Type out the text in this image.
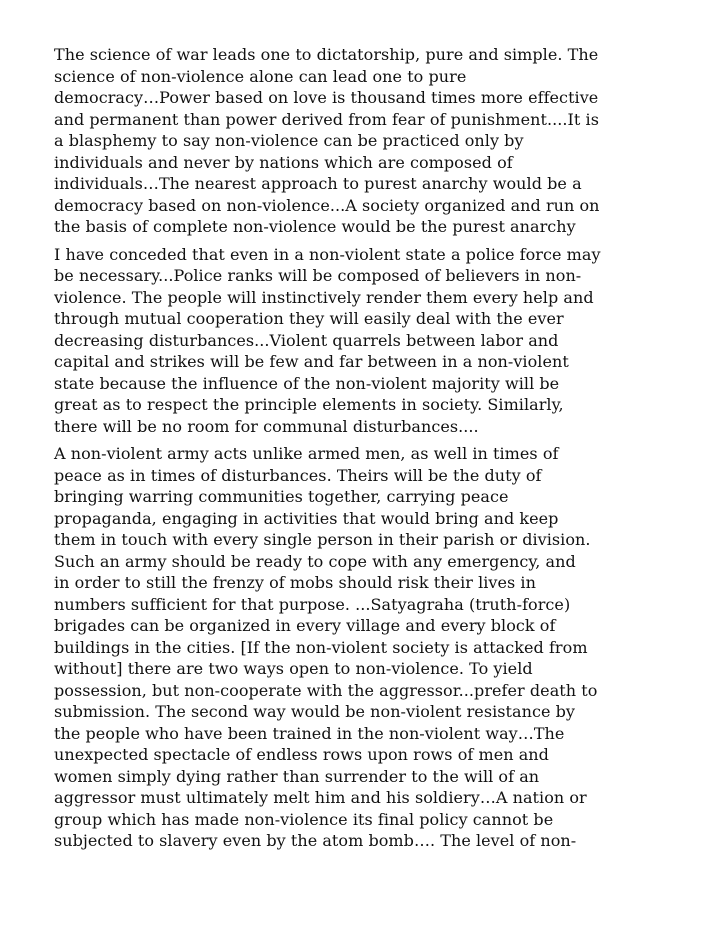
The science of war leads one to dictatorship, pure and simple. The
science of non-violence alone can lead one to pure
democracy…Power based on love is thousand times more effective
and permanent than power derived from fear of punishment....It is
a blasphemy to say non-violence can be practiced only by
individuals and never by nations which are composed of
individuals…The nearest approach to purest anarchy would be a
democracy based on non-violence...A society organized and run on
the basis of complete non-violence would be the purest anarchy
I have conceded that even in a non-violent state a police force may
be necessary...Police ranks will be composed of believers in non-
violence. The people will instinctively render them every help and
through mutual cooperation they will easily deal with the ever
decreasing disturbances...Violent quarrels between labor and
capital and strikes will be few and far between in a non-violent
state because the influence of the non-violent majority will be
great as to respect the principle elements in society. Similarly,
there will be no room for communal disturbances....
A non-violent army acts unlike armed men, as well in times of
peace as in times of disturbances. Theirs will be the duty of
bringing warring communities together, carrying peace
propaganda, engaging in activities that would bring and keep
them in touch with every single person in their parish or division.
Such an army should be ready to cope with any emergency, and
in order to still the frenzy of mobs should risk their lives in
numbers sufficient for that purpose. ...Satyagraha (truth-force)
brigades can be organized in every village and every block of
buildings in the cities. [If the non-violent society is attacked from
without] there are two ways open to non-violence. To yield
possession, but non-cooperate with the aggressor...prefer death to
submission. The second way would be non-violent resistance by
the people who have been trained in the non-violent way…The
unexpected spectacle of endless rows upon rows of men and
women simply dying rather than surrender to the will of an
aggressor must ultimately melt him and his soldiery…A nation or
group which has made non-violence its final policy cannot be
subjected to slavery even by the atom bomb…. The level of non-
